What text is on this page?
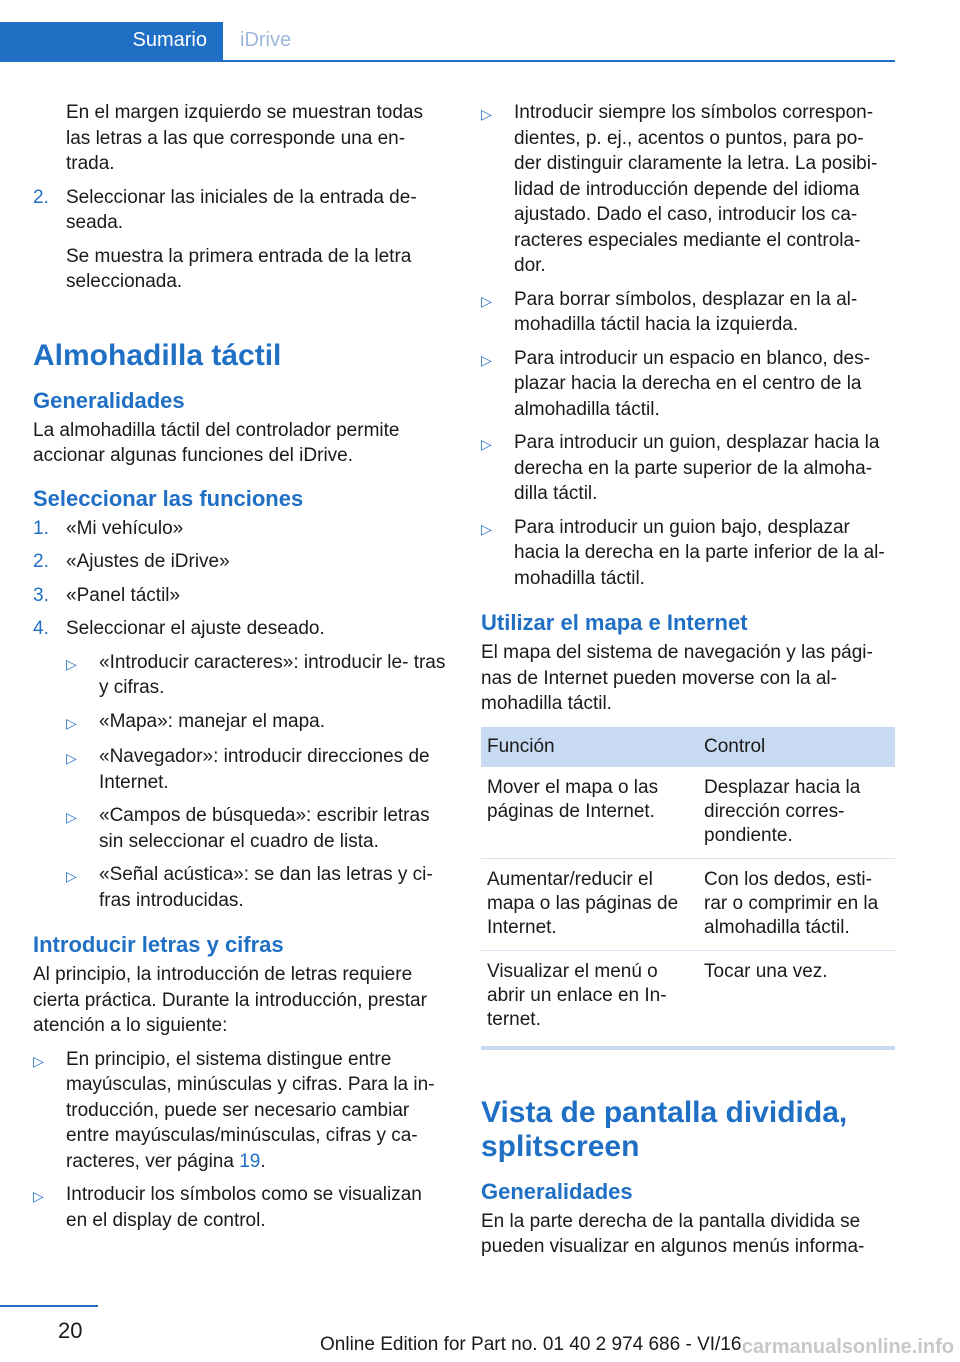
Sumario iDrive

En el margen izquierdo se muestran todas las letras a las que corresponde una en‐ trada.

2. Seleccionar las iniciales de la entrada de‐ seada.

Se muestra la primera entrada de la letra seleccionada.

Almohadilla táctil
Generalidades

La almohadilla táctil del controlador permite accionar algunas funciones del iDrive.

Seleccionar las funciones
1. «Mi vehículo»
2. «Ajustes de iDrive»
3. «Panel táctil»
4. Seleccionar el ajuste deseado.
▷	«Introducir caracteres»: introducir le‐ tras y cifras.
▷	«Mapa»: manejar el mapa.
▷	«Navegador»: introducir direcciones de Internet.
▷	«Campos de búsqueda»: escribir letras sin seleccionar el cuadro de lista.
▷	«Señal acústica»: se dan las letras y ci‐ fras introducidas.
Introducir letras y cifras

Al principio, la introducción de letras requiere cierta práctica. Durante la introducción, prestar atención a lo siguiente:

▷	En principio, el sistema distingue entre mayúsculas, minúsculas y cifras. Para la in‐ troducción, puede ser necesario cambiar entre mayúsculas/minúsculas, cifras y ca‐ racteres, ver página 19.
▷	Introducir los símbolos como se visualizan en el display de control.
▷	Introducir siempre los símbolos correspon‐ dientes, p. ej., acentos o puntos, para po‐ der distinguir claramente la letra. La posibi‐ lidad de introducción depende del idioma ajustado. Dado el caso, introducir los ca‐ racteres especiales mediante el controla‐ dor.
▷	Para borrar símbolos, desplazar en la al‐ mohadilla táctil hacia la izquierda.
▷	Para introducir un espacio en blanco, des‐ plazar hacia la derecha en el centro de la almohadilla táctil.
▷	Para introducir un guion, desplazar hacia la derecha en la parte superior de la almoha‐ dilla táctil.
▷	Para introducir un guion bajo, desplazar hacia la derecha en la parte inferior de la al‐ mohadilla táctil.
Utilizar el mapa e Internet

El mapa del sistema de navegación y las pági‐ nas de Internet pueden moverse con la al‐ mohadilla táctil.

Función	Control
Mover el mapa o las páginas de Internet.	Desplazar hacia la dirección corres‐ pondiente.
Aumentar/reducir el mapa o las páginas de Internet.	Con los dedos, esti‐ rar o comprimir en la almohadilla táctil.
Visualizar el menú o abrir un enlace en In‐ ternet.	Tocar una vez.
Vista de pantalla dividida, splitscreen
Generalidades

En la parte derecha de la pantalla dividida se pueden visualizar en algunos menús informa‐

20
Online Edition for Part no. 01 40 2 974 686 - VI/16 carmanualsonline.info
